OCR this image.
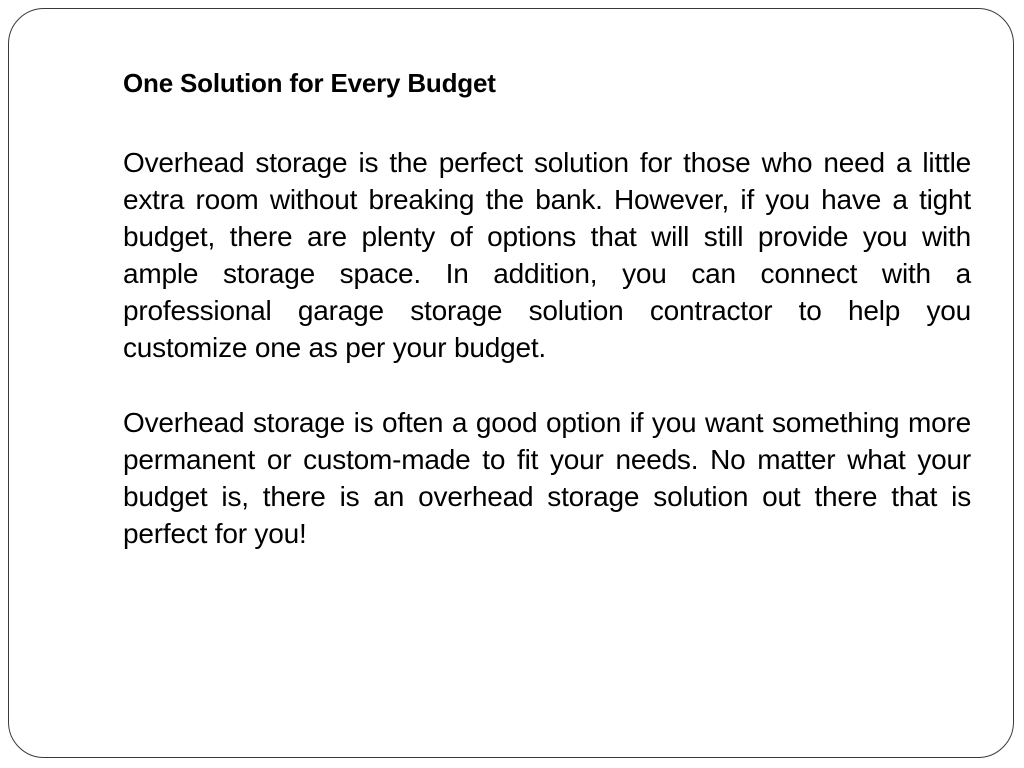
One Solution for Every Budget

Overhead storage is the perfect solution for those who need a little extra room without breaking the bank. However, if you have a tight budget, there are plenty of options that will still provide you with ample storage space. In addition, you can connect with a professional garage storage solution contractor to help you customize one as per your budget.

Overhead storage is often a good option if you want something more permanent or custom-made to fit your needs. No matter what your budget is, there is an overhead storage solution out there that is perfect for you!
